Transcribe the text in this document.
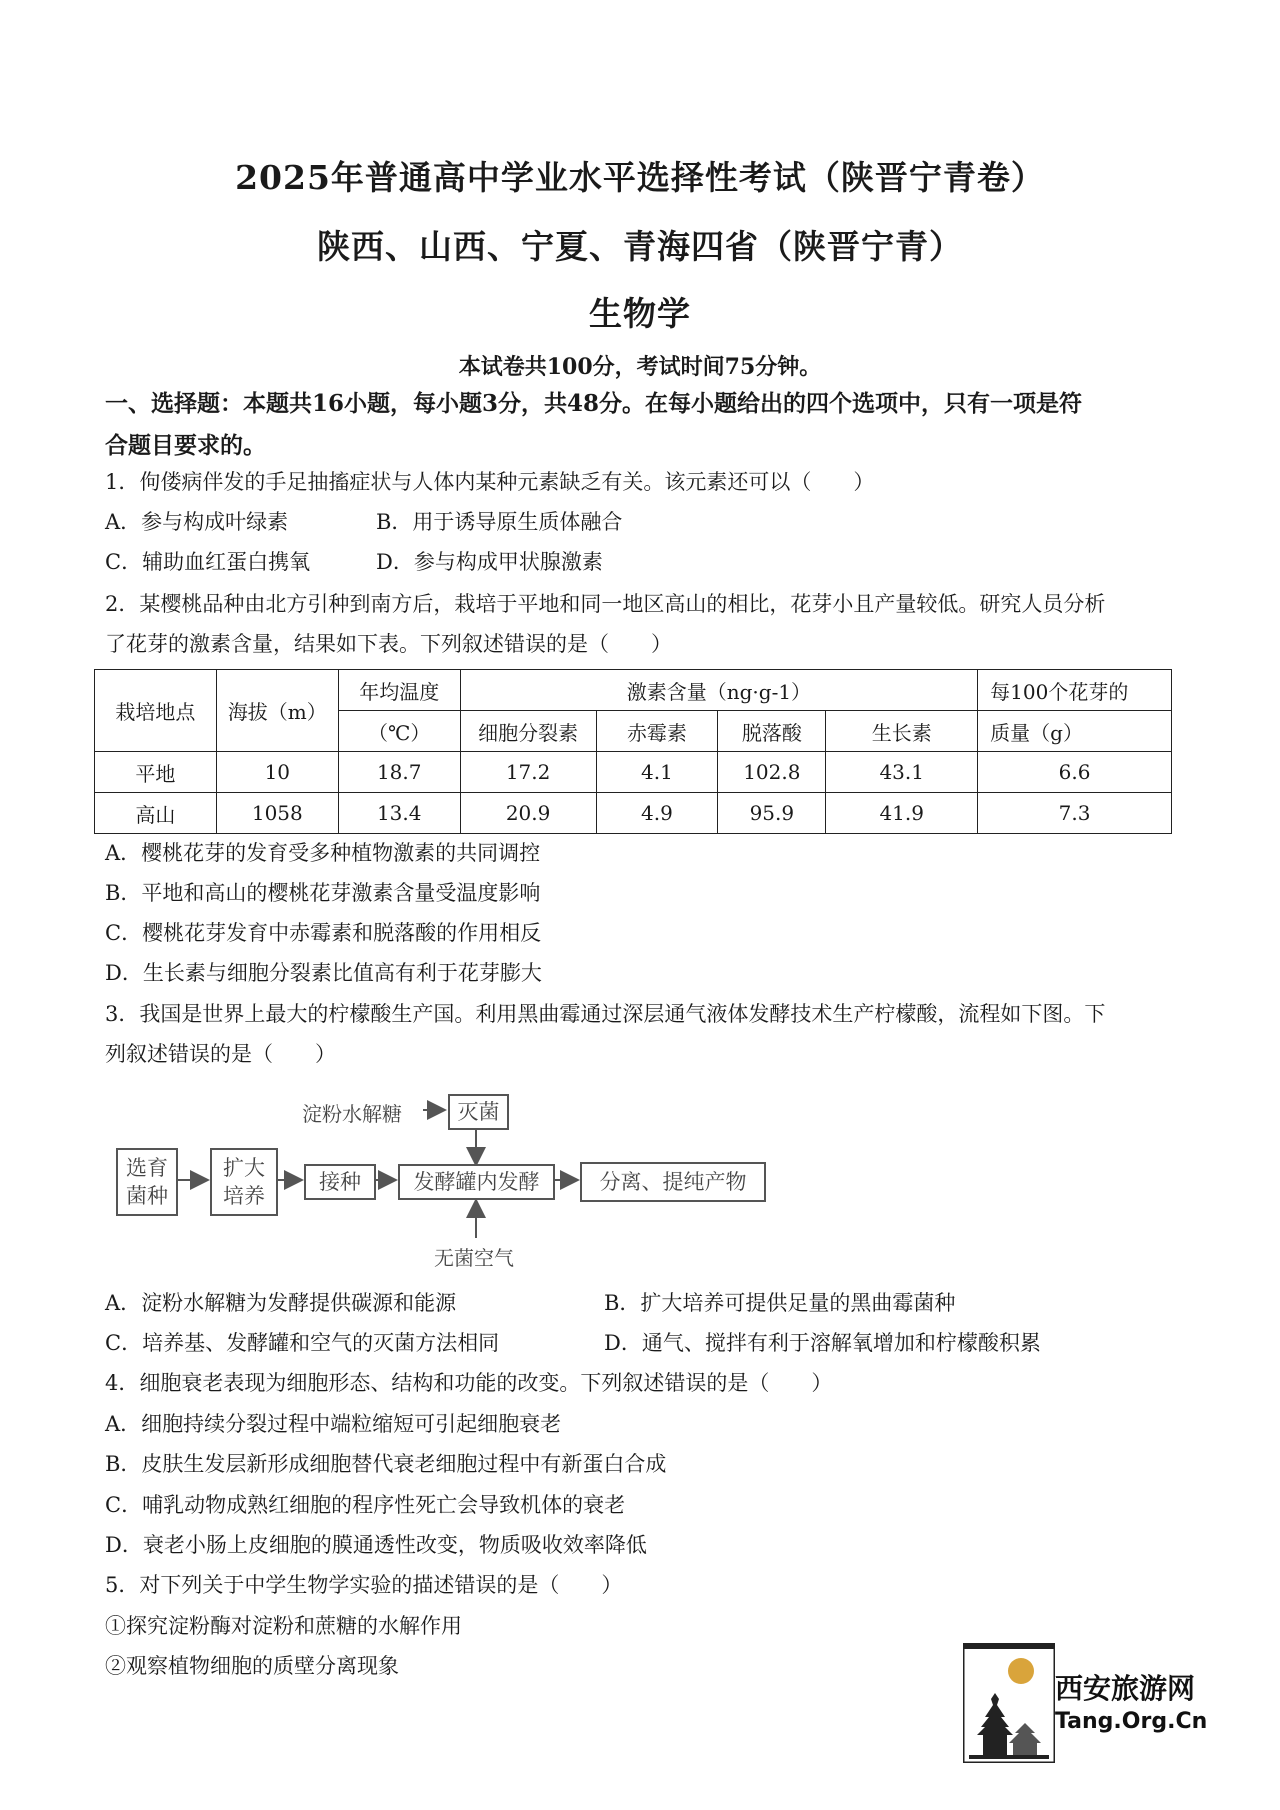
2025年普通高中学业水平选择性考试（陕晋宁青卷）
陕西、山西、宁夏、青海四省（陕晋宁青）
生物学
本试卷共100分，考试时间75分钟。
一、选择题：本题共16小题，每小题3分，共48分。在每小题给出的四个选项中，只有一项是符
合题目要求的。
1．佝偻病伴发的手足抽搐症状与人体内某种元素缺乏有关。该元素还可以（　　）
A．参与构成叶绿素	B．用于诱导原生质体融合
C．辅助血红蛋白携氧	D．参与构成甲状腺激素
2．某樱桃品种由北方引种到南方后，栽培于平地和同一地区高山的相比，花芽小且产量较低。研究人员分析
了花芽的激素含量，结果如下表。下列叙述错误的是（　　）
栽培地点	海拔（m）	年均温度	激素含量（ng·g-1）				每100个花芽的
		（℃）	细胞分裂素	赤霉素	脱落酸	生长素	质量（g）
平地	10	18.7	17.2	4.1	102.8	43.1	6.6
高山	1058	13.4	20.9	4.9	95.9	41.9	7.3
A．樱桃花芽的发育受多种植物激素的共同调控
B．平地和高山的樱桃花芽激素含量受温度影响
C．樱桃花芽发育中赤霉素和脱落酸的作用相反
D．生长素与细胞分裂素比值高有利于花芽膨大
3．我国是世界上最大的柠檬酸生产国。利用黑曲霉通过深层通气液体发酵技术生产柠檬酸，流程如下图。下
列叙述错误的是（　　）
选育
菌种
扩大
培养
接种	发酵罐内发酵	分离、提纯产物
灭菌
淀粉水解糖
无菌空气
A．淀粉水解糖为发酵提供碳源和能源	B．扩大培养可提供足量的黑曲霉菌种
C．培养基、发酵罐和空气的灭菌方法相同	D．通气、搅拌有利于溶解氧增加和柠檬酸积累
4．细胞衰老表现为细胞形态、结构和功能的改变。下列叙述错误的是（　　）
A．细胞持续分裂过程中端粒缩短可引起细胞衰老
B．皮肤生发层新形成细胞替代衰老细胞过程中有新蛋白合成
C．哺乳动物成熟红细胞的程序性死亡会导致机体的衰老
D．衰老小肠上皮细胞的膜通透性改变，物质吸收效率降低
5．对下列关于中学生物学实验的描述错误的是（　　）
①探究淀粉酶对淀粉和蔗糖的水解作用
②观察植物细胞的质壁分离现象
西安旅游网
Tang.Org.Cn
